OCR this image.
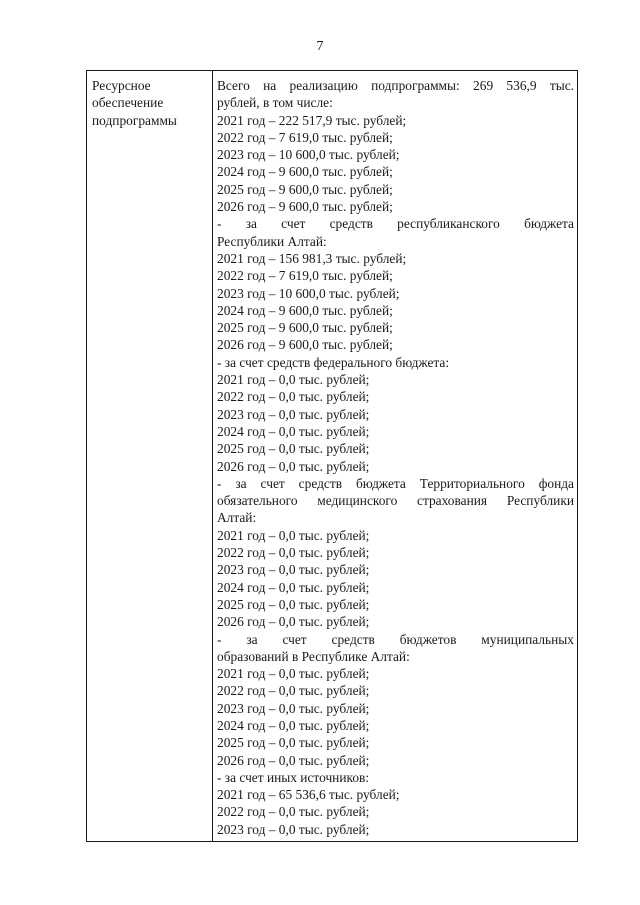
7
Ресурсное
обеспечение
подпрограммы
Всего на реализацию подпрограммы: 269 536,9 тыс.
рублей, в том числе:
2021 год – 222 517,9 тыс. рублей;
2022 год – 7 619,0 тыс. рублей;
2023 год – 10 600,0 тыс. рублей;
2024 год – 9 600,0 тыс. рублей;
2025 год – 9 600,0 тыс. рублей;
2026 год – 9 600,0 тыс. рублей;
- за счет средств республиканского бюджета
Республики Алтай:
2021 год – 156 981,3 тыс. рублей;
2022 год – 7 619,0 тыс. рублей;
2023 год – 10 600,0 тыс. рублей;
2024 год – 9 600,0 тыс. рублей;
2025 год – 9 600,0 тыс. рублей;
2026 год – 9 600,0 тыс. рублей;
- за счет средств федерального бюджета:
2021 год – 0,0 тыс. рублей;
2022 год – 0,0 тыс. рублей;
2023 год – 0,0 тыс. рублей;
2024 год – 0,0 тыс. рублей;
2025 год – 0,0 тыс. рублей;
2026 год – 0,0 тыс. рублей;
- за счет средств бюджета Территориального фонда
обязательного медицинского страхования Республики
Алтай:
2021 год – 0,0 тыс. рублей;
2022 год – 0,0 тыс. рублей;
2023 год – 0,0 тыс. рублей;
2024 год – 0,0 тыс. рублей;
2025 год – 0,0 тыс. рублей;
2026 год – 0,0 тыс. рублей;
- за счет средств бюджетов муниципальных
образований в Республике Алтай:
2021 год – 0,0 тыс. рублей;
2022 год – 0,0 тыс. рублей;
2023 год – 0,0 тыс. рублей;
2024 год – 0,0 тыс. рублей;
2025 год – 0,0 тыс. рублей;
2026 год – 0,0 тыс. рублей;
- за счет иных источников:
2021 год – 65 536,6 тыс. рублей;
2022 год – 0,0 тыс. рублей;
2023 год – 0,0 тыс. рублей;
